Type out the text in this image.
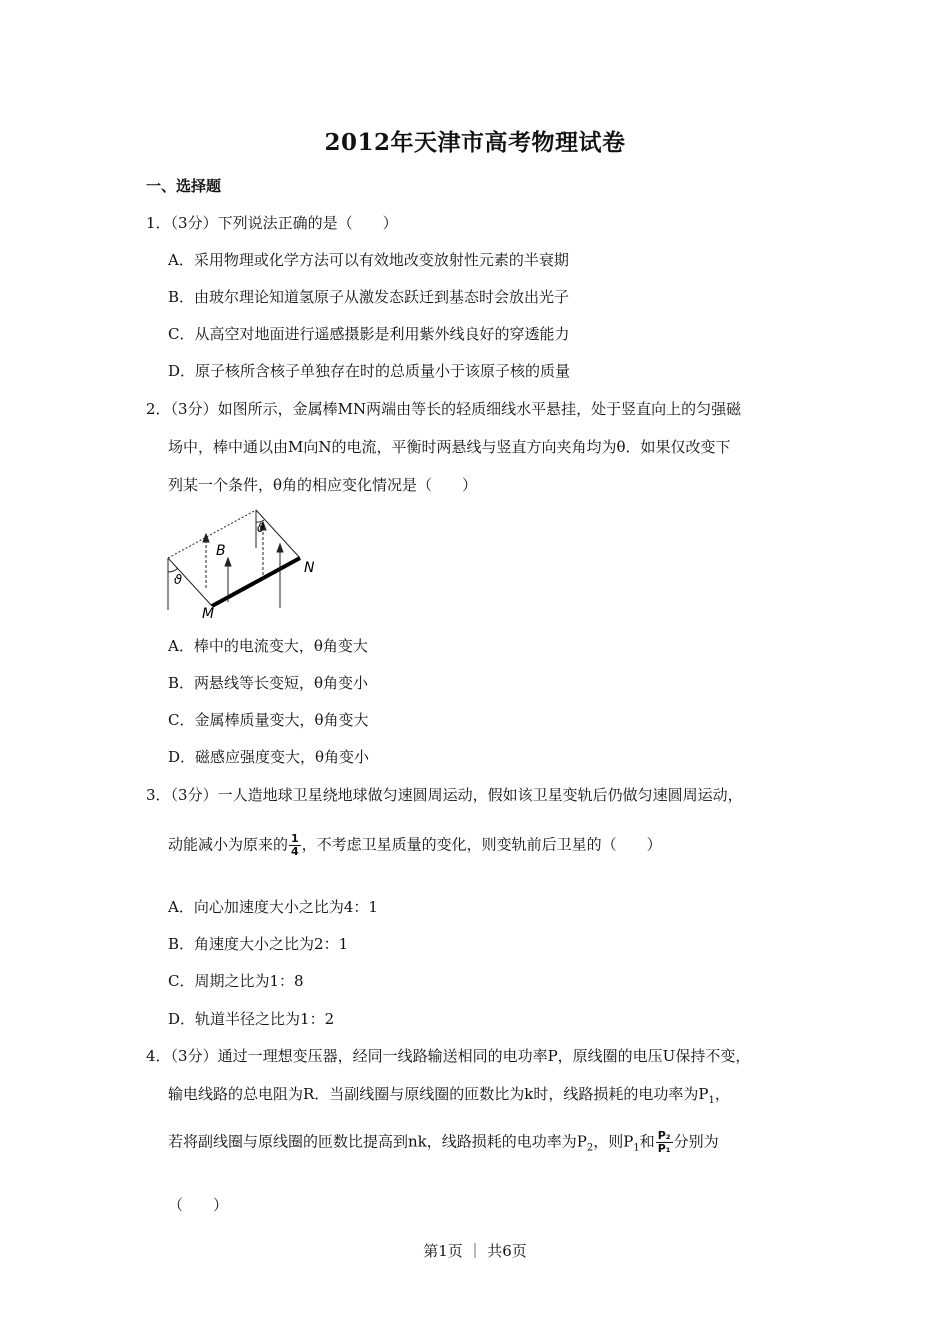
2012年天津市高考物理试卷
一、选择题
1．（3分）下列说法正确的是（　　）
A．采用物理或化学方法可以有效地改变放射性元素的半衰期
B．由玻尔理论知道氢原子从激发态跃迁到基态时会放出光子
C．从高空对地面进行遥感摄影是利用紫外线良好的穿透能力
D．原子核所含核子单独存在时的总质量小于该原子核的质量
2．（3分）如图所示，金属棒MN两端由等长的轻质细线水平悬挂，处于竖直向上的匀强磁
场中，棒中通以由M向N的电流，平衡时两悬线与竖直方向夹角均为θ．如果仅改变下
列某一个条件，θ角的相应变化情况是（　　）
ϑ
ϑ
B
M
N
A．棒中的电流变大，θ角变大
B．两悬线等长变短，θ角变小
C．金属棒质量变大，θ角变大
D．磁感应强度变大，θ角变小
3．（3分）一人造地球卫星绕地球做匀速圆周运动，假如该卫星变轨后仍做匀速圆周运动，
动能减小为原来的 $\frac{1}{4}$ ，不考虑卫星质量的变化，则变轨前后卫星的（　　）
A．向心加速度大小之比为4：1
B．角速度大小之比为2：1
C．周期之比为1：8
D．轨道半径之比为1：2
4．（3分）通过一理想变压器，经同一线路输送相同的电功率P，原线圈的电压U保持不变，
输电线路的总电阻为R．当副线圈与原线圈的匝数比为k时，线路损耗的电功率为$P_1$，
若将副线圈与原线圈的匝数比提高到nk，线路损耗的电功率为$P_2$，则$P_1$和 $\frac{\text{P₂}}{\text{P₁}}$ 分别为
（　　）
第1页 ｜ 共6页
